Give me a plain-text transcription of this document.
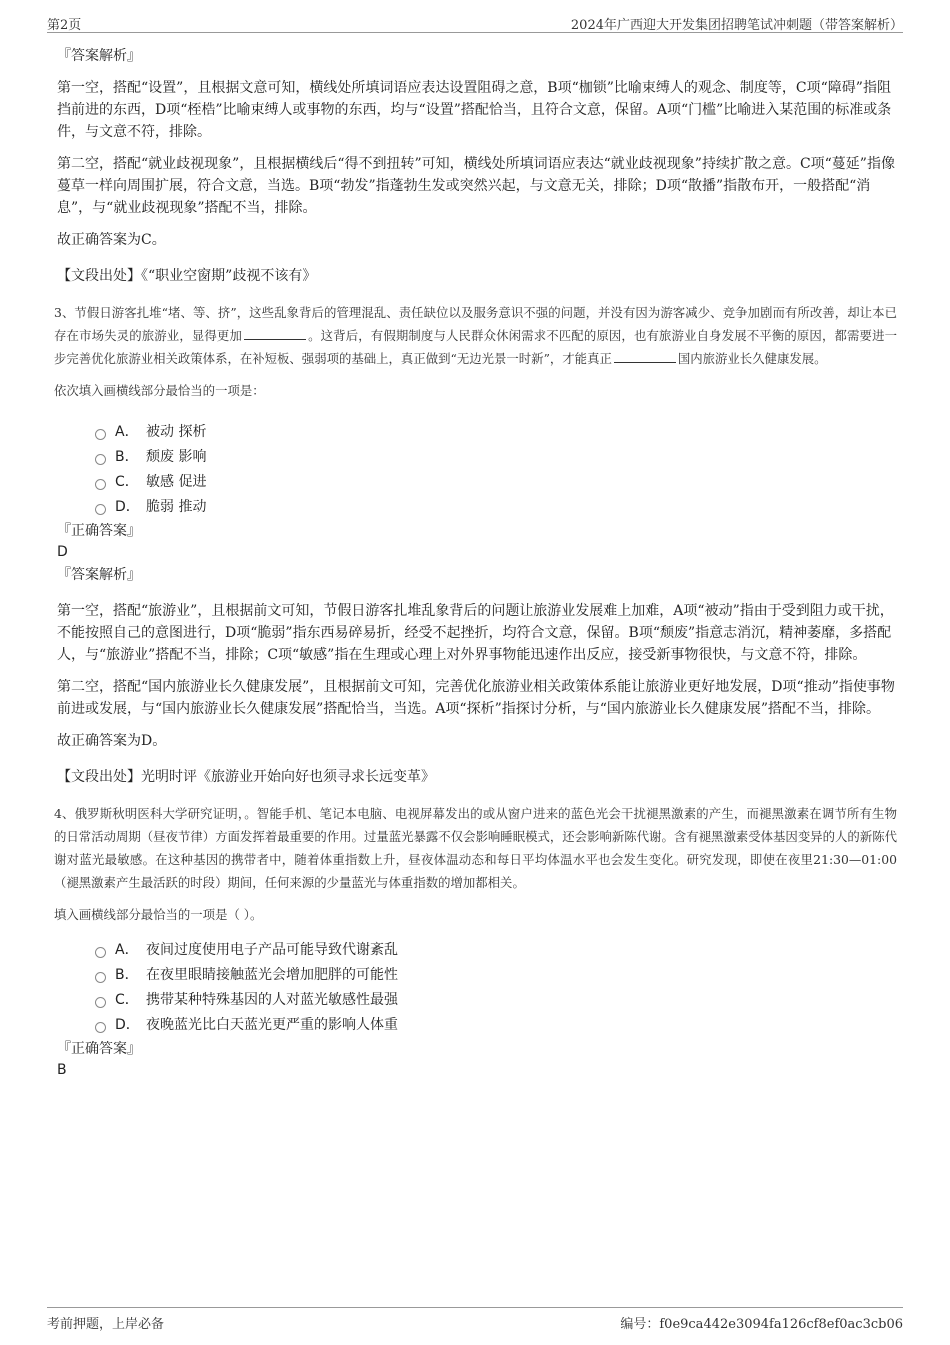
第2页	2024年广西迎大开发集团招聘笔试冲刺题（带答案解析）

『答案解析』

第一空，搭配“设置”，且根据文意可知，横线处所填词语应表达设置阻碍之意，B项“枷锁”比喻束缚人的观念、制度等，C项“障碍”指阻挡前进的东西，D项“桎梏”比喻束缚人或事物的东西，均与“设置”搭配恰当，且符合文意，保留。A项“门槛”比喻进入某范围的标准或条件，与文意不符，排除。

第二空，搭配“就业歧视现象”，且根据横线后“得不到扭转”可知，横线处所填词语应表达“就业歧视现象”持续扩散之意。C项“蔓延”指像蔓草一样向周围扩展，符合文意，当选。B项“勃发”指蓬勃生发或突然兴起，与文意无关，排除；D项“散播”指散布开，一般搭配“消息”，与“就业歧视现象”搭配不当，排除。

故正确答案为C。

【文段出处】《“职业空窗期”歧视不该有》

3、节假日游客扎堆“堵、等、挤”，这些乱象背后的管理混乱、责任缺位以及服务意识不强的问题，并没有因为游客减少、竞争加剧而有所改善，却让本已存在市场失灵的旅游业，显得更加	。这背后，有假期制度与人民群众休闲需求不匹配的原因，也有旅游业自身发展不平衡的原因，都需要进一步完善优化旅游业相关政策体系，在补短板、强弱项的基础上，真正做到“无边光景一时新”，才能真正	国内旅游业长久健康发展。

依次填入画横线部分最恰当的一项是：

A． 被动 探析
B． 颓废 影响
C． 敏感 促进
D． 脆弱 推动

『正确答案』

D

『答案解析』

第一空，搭配“旅游业”，且根据前文可知，节假日游客扎堆乱象背后的问题让旅游业发展难上加难，A项“被动”指由于受到阻力或干扰，不能按照自己的意图进行，D项“脆弱”指东西易碎易折，经受不起挫折，均符合文意，保留。B项“颓废”指意志消沉，精神萎靡，多搭配人，与“旅游业”搭配不当，排除；C项“敏感”指在生理或心理上对外界事物能迅速作出反应，接受新事物很快，与文意不符，排除。

第二空，搭配“国内旅游业长久健康发展”，且根据前文可知，完善优化旅游业相关政策体系能让旅游业更好地发展，D项“推动”指使事物前进或发展，与“国内旅游业长久健康发展”搭配恰当，当选。A项“探析”指探讨分析，与“国内旅游业长久健康发展”搭配不当，排除。

故正确答案为D。

【文段出处】光明时评《旅游业开始向好也须寻求长远变革》

4、俄罗斯秋明医科大学研究证明，。智能手机、笔记本电脑、电视屏幕发出的或从窗户进来的蓝色光会干扰褪黑激素的产生，而褪黑激素在调节所有生物的日常活动周期（昼夜节律）方面发挥着最重要的作用。过量蓝光暴露不仅会影响睡眠模式，还会影响新陈代谢。含有褪黑激素受体基因变异的人的新陈代谢对蓝光最敏感。在这种基因的携带者中，随着体重指数上升，昼夜体温动态和每日平均体温水平也会发生变化。研究发现，即使在夜里21:30—01:00（褪黑激素产生最活跃的时段）期间，任何来源的少量蓝光与体重指数的增加都相关。

填入画横线部分最恰当的一项是（ ）。

A． 夜间过度使用电子产品可能导致代谢紊乱
B． 在夜里眼睛接触蓝光会增加肥胖的可能性
C． 携带某种特殊基因的人对蓝光敏感性最强
D． 夜晚蓝光比白天蓝光更严重的影响人体重

『正确答案』

B

考前押题，上岸必备	编号：f0e9ca442e3094fa126cf8ef0ac3cb06
